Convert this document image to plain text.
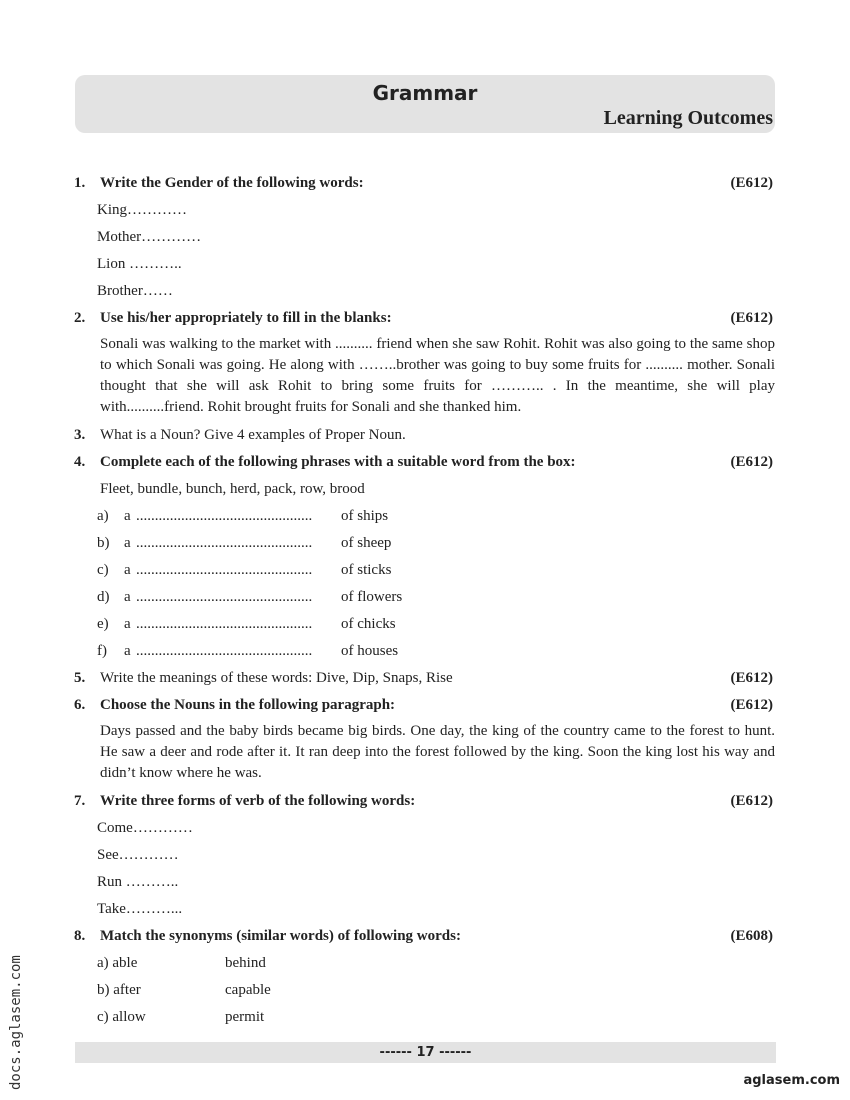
Grammar
Learning Outcomes
1. Write the Gender of the following words:	(E612)
King…………
Mother…………
Lion ………..
Brother……
2. Use his/her appropriately to fill in the blanks:	(E612)
Sonali was walking to the market with .......... friend when she saw Rohit. Rohit was also going to the same shop to which Sonali was going. He along with ……..brother was going to buy some fruits for .......... mother. Sonali thought that she will ask Rohit to bring some fruits for ……….. . In the meantime, she will play with..........friend. Rohit brought fruits for Sonali and she thanked him.
3. What is a Noun? Give 4 examples of Proper Noun.
4. Complete each of the following phrases with a suitable word from the box:	(E612)
Fleet, bundle, bunch, herd, pack, row, brood
a) a ............................................... of ships
b) a ............................................... of sheep
c) a ............................................... of sticks
d) a ............................................... of flowers
e) a ............................................... of chicks
f) a ............................................... of houses
5. Write the meanings of these words: Dive, Dip, Snaps, Rise	(E612)
6. Choose the Nouns in the following paragraph:	(E612)
Days passed and the baby birds became big birds. One day, the king of the country came to the forest to hunt. He saw a deer and rode after it. It ran deep into the forest followed by the king. Soon the king lost his way and didn’t know where he was.
7. Write three forms of verb of the following words:	(E612)
Come…………
See…………
Run ………..
Take………...
8. Match the synonyms (similar words) of following words:	(E608)
a) able	behind
b) after	capable
c) allow	permit
------ 17 ------
docs.aglasem.com	aglasem.com
